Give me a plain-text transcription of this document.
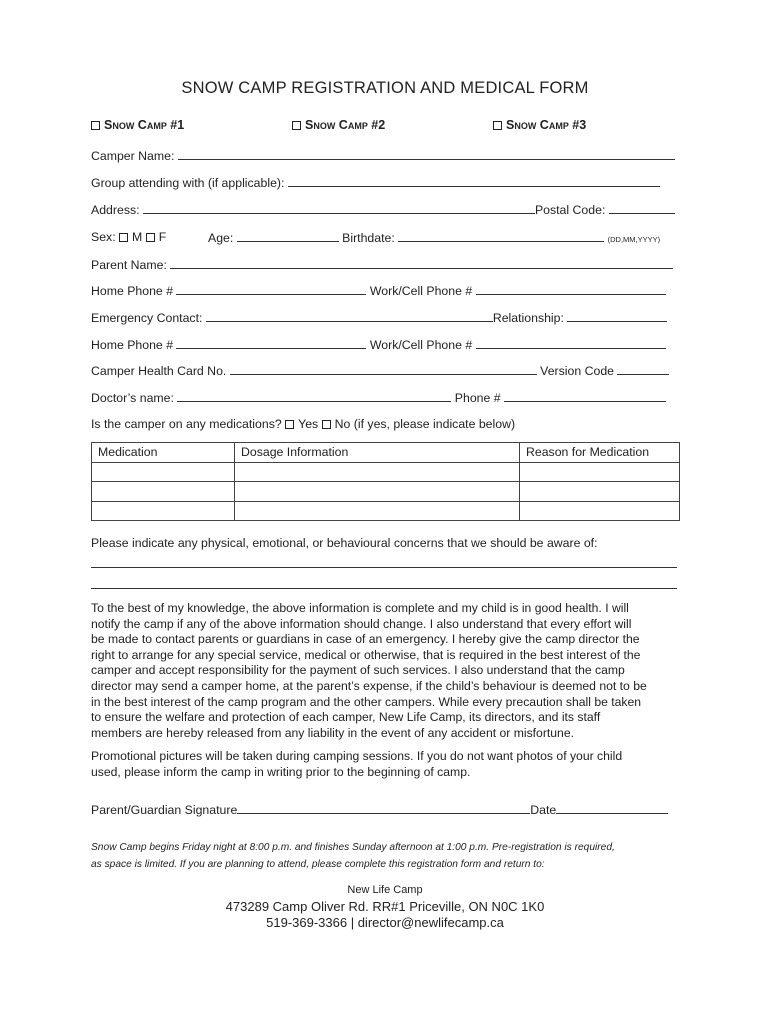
SNOW CAMP REGISTRATION AND MEDICAL FORM
Snow Camp #1	Snow Camp #2	Snow Camp #3
Camper Name:
Group attending with (if applicable):
Address:	Postal Code:
Sex: M F	Age:	Birthdate:	(DD,MM,YYYY)
Parent Name:
Home Phone #	Work/Cell Phone #
Emergency Contact:	Relationship:
Home Phone #	Work/Cell Phone #
Camper Health Card No.	Version Code
Doctor’s name:	Phone #
Is the camper on any medications? Yes No (if yes, please indicate below)
Medication	Dosage Information	Reason for Medication

Please indicate any physical, emotional, or behavioural concerns that we should be aware of:

To the best of my knowledge, the above information is complete and my child is in good health. I will

notify the camp if any of the above information should change. I also understand that every effort will

be made to contact parents or guardians in case of an emergency. I hereby give the camp director the

right to arrange for any special service, medical or otherwise, that is required in the best interest of the

camper and accept responsibility for the payment of such services. I also understand that the camp

director may send a camper home, at the parent’s expense, if the child’s behaviour is deemed not to be

in the best interest of the camp program and the other campers. While every precaution shall be taken

to ensure the welfare and protection of each camper, New Life Camp, its directors, and its staff

members are hereby released from any liability in the event of any accident or misfortune.

Promotional pictures will be taken during camping sessions. If you do not want photos of your child

used, please inform the camp in writing prior to the beginning of camp.

Parent/Guardian Signature	Date

Snow Camp begins Friday night at 8:00 p.m. and finishes Sunday afternoon at 1:00 p.m. Pre-registration is required,

as space is limited. If you are planning to attend, please complete this registration form and return to:

New Life Camp
473289 Camp Oliver Rd. RR#1 Priceville, ON N0C 1K0
519-369-3366 | director@newlifecamp.ca
